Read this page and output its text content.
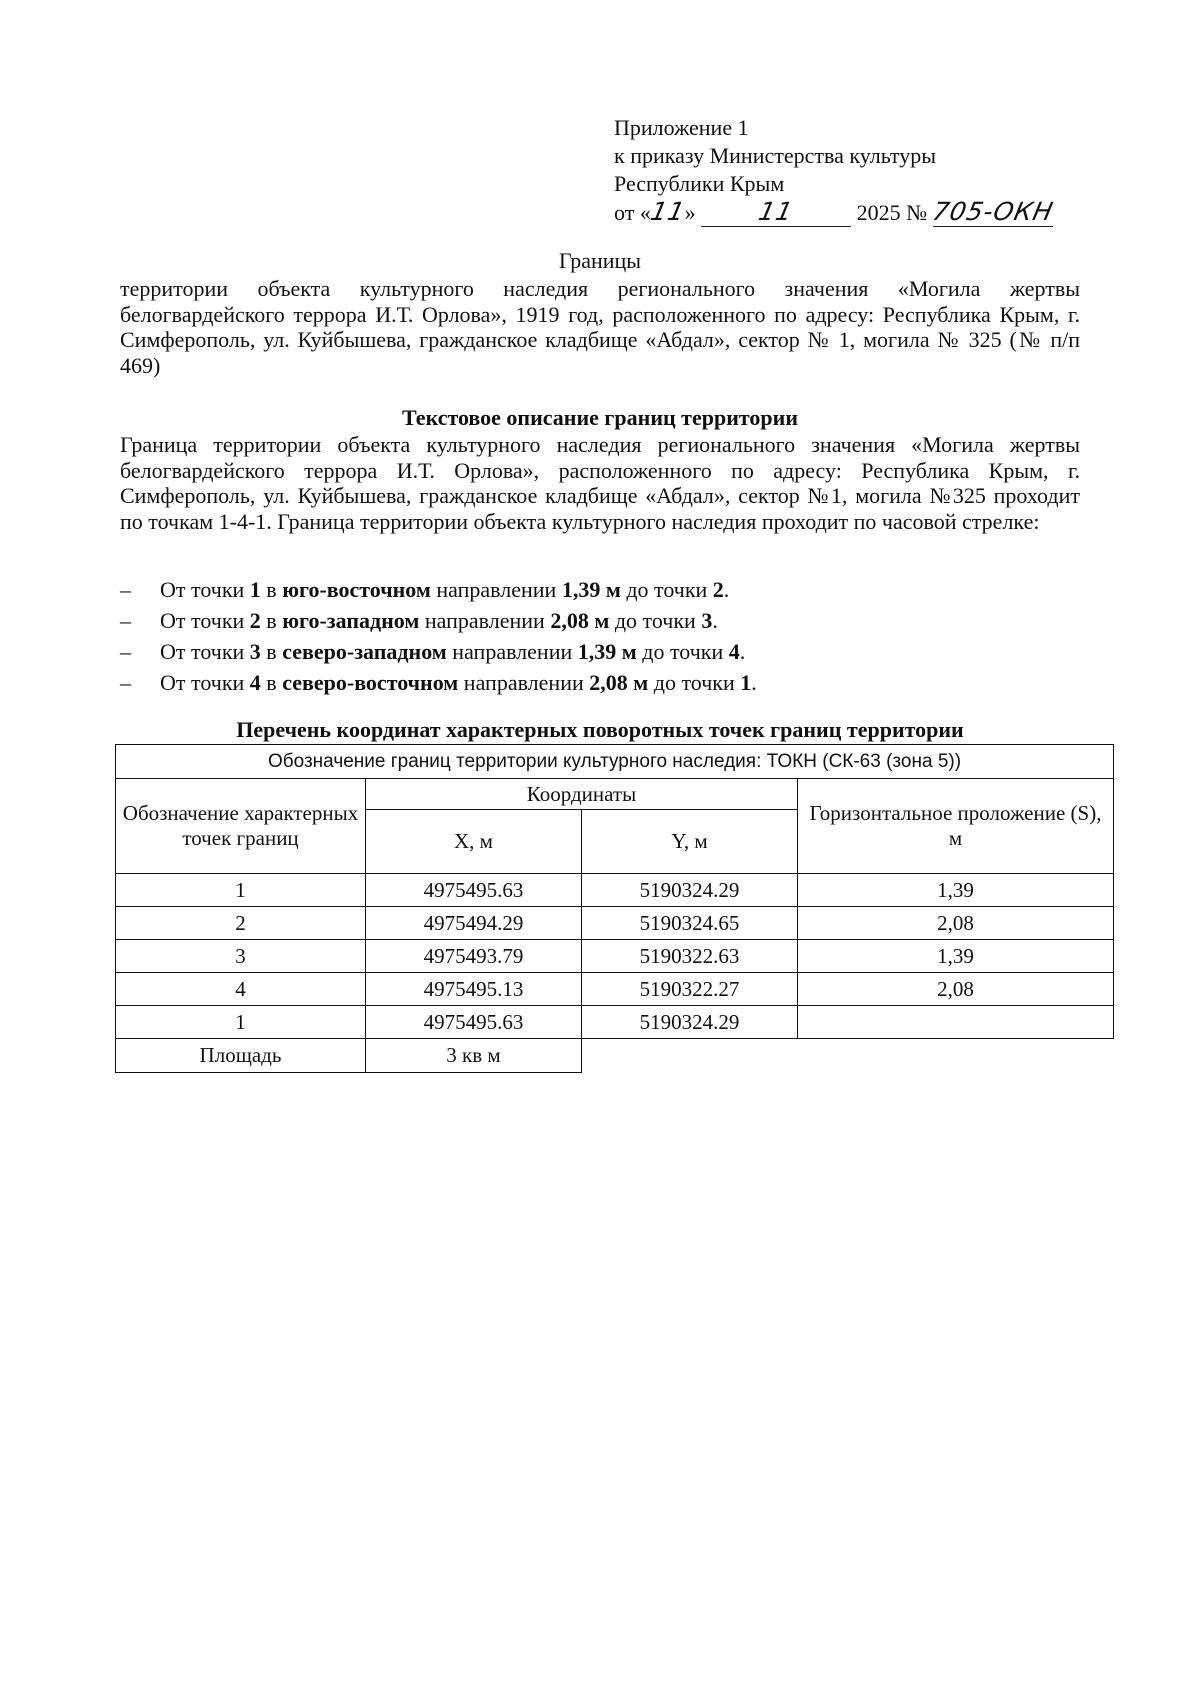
Приложение 1
к приказу Министерства культуры
Республики Крым
от «11» 11	2025 № 705-ОКН
Границы
территории объекта культурного наследия регионального значения «Могила жертвы белогвардейского террора И.Т. Орлова», 1919 год, расположенного по адресу: Республика Крым, г. Симферополь, ул. Куйбышева, гражданское кладбище «Абдал», сектор № 1, могила № 325 (№ п/п 469)
Текстовое описание границ территории
Граница территории объекта культурного наследия регионального значения «Могила жертвы белогвардейского террора И.Т. Орлова», расположенного по адресу: Республика Крым, г. Симферополь, ул. Куйбышева, гражданское кладбище «Абдал», сектор №1, могила №325 проходит по точкам 1-4-1. Граница территории объекта культурного наследия проходит по часовой стрелке:
– От точки 1 в юго-восточном направлении 1,39 м до точки 2.
– От точки 2 в юго-западном направлении 2,08 м до точки 3.
– От точки 3 в северо-западном направлении 1,39 м до точки 4.
– От точки 4 в северо-восточном направлении 2,08 м до точки 1.
Перечень координат характерных поворотных точек границ территории
Обозначение границ территории культурного наследия: ТОКН (СК-63 (зона 5))			
Обозначение характерных точек границ	Координаты		Горизонтальное проложение (S), м
	X, м	Y, м	
1	4975495.63	5190324.29	1,39
2	4975494.29	5190324.65	2,08
3	4975493.79	5190322.63	1,39
4	4975495.13	5190322.27	2,08
1	4975495.63	5190324.29	
Площадь	3 кв м		
